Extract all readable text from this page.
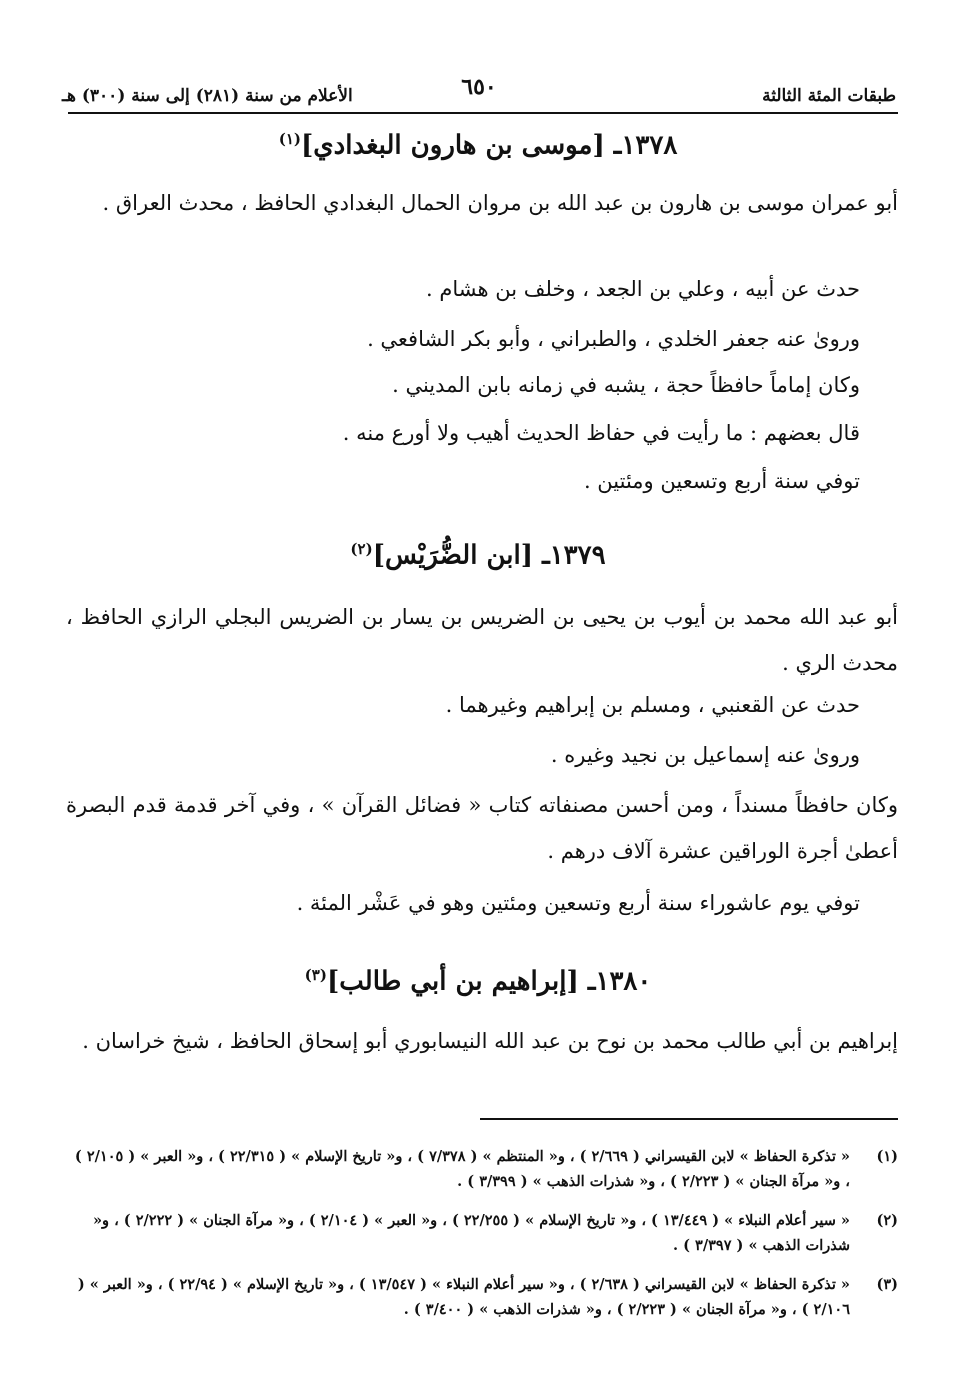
طبقات المئة الثالثة
٦٥٠
الأعلام من سنة (٢٨١) إلى سنة (٣٠٠) هـ
١٣٧٨ـ [موسى بن هارون البغدادي]$^{(١)}$
أبو عمران موسى بن هارون بن عبد الله بن مروان الحمال البغدادي الحافظ ، محدث العراق .
حدث عن أبيه ، وعلي بن الجعد ، وخلف بن هشام .
وروىٰ عنه جعفر الخلدي ، والطبراني ، وأبو بكر الشافعي .
وكان إماماً حافظاً حجة ، يشبه في زمانه بابن المديني .
قال بعضهم : ما رأيت في حفاظ الحديث أهيب ولا أورع منه .
توفي سنة أربع وتسعين ومئتين .
١٣٧٩ـ [ابن الضُّرَيْس]$^{(٢)}$
أبو عبد الله محمد بن أيوب بن يحيى بن الضريس بن يسار بن الضريس البجلي الرازي الحافظ ، محدث الري .
حدث عن القعنبي ، ومسلم بن إبراهيم وغيرهما .
وروىٰ عنه إسماعيل بن نجيد وغيره .
وكان حافظاً مسنداً ، ومن أحسن مصنفاته كتاب « فضائل القرآن » ، وفي آخر قدمة قدم البصرة أعطىٰ أجرة الوراقين عشرة آلاف درهم .
توفي يوم عاشوراء سنة أربع وتسعين ومئتين وهو في عَشْر المئة .
١٣٨٠ـ [إبراهيم بن أبي طالب]$^{(٣)}$
إبراهيم بن أبي طالب محمد بن نوح بن عبد الله النيسابوري أبو إسحاق الحافظ ، شيخ خراسان .
(١)
« تذكرة الحفاظ » لابن القيسراني ( ٢/٦٦٩ ) ، و« المنتظم » ( ٧/٣٧٨ ) ، و« تاريخ الإسلام » ( ٢٢/٣١٥ ) ، و« العبر » ( ٢/١٠٥ ) ، و« مرآة الجنان » ( ٢/٢٢٣ ) ، و« شذرات الذهب » ( ٣/٣٩٩ ) .
(٢)
« سير أعلام النبلاء » ( ١٣/٤٤٩ ) ، و« تاريخ الإسلام » ( ٢٢/٢٥٥ ) ، و« العبر » ( ٢/١٠٤ ) ، و« مرآة الجنان » ( ٢/٢٢٢ ) ، و« شذرات الذهب » ( ٣/٣٩٧ ) .
(٣)
« تذكرة الحفاظ » لابن القيسراني ( ٢/٦٣٨ ) ، و« سير أعلام النبلاء » ( ١٣/٥٤٧ ) ، و« تاريخ الإسلام » ( ٢٢/٩٤ ) ، و« العبر » ( ٢/١٠٦ ) ، و« مرآة الجنان » ( ٢/٢٢٣ ) ، و« شذرات الذهب » ( ٣/٤٠٠ ) .
